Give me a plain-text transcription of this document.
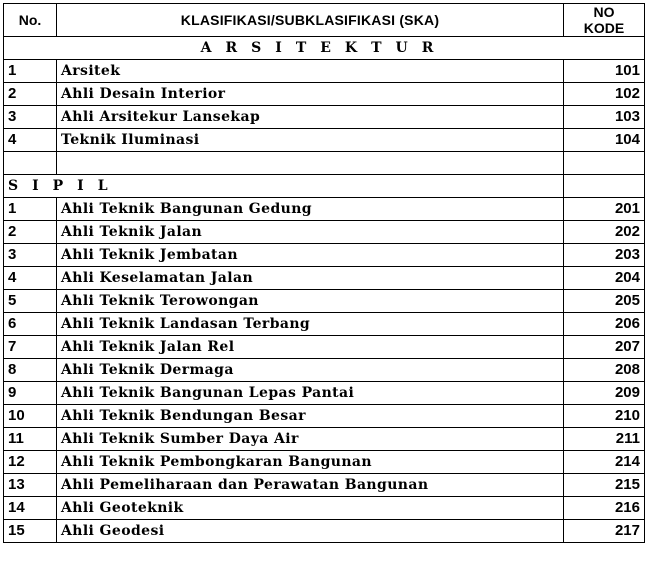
No.	KLASIFIKASI/SUBKLASIFIKASI (SKA)	NO
KODE

ARSITEKTUR		
1	Arsitek	101
2	Ahli Desain Interior	102
3	Ahli Arsitekur Lansekap	103
4	Teknik Iluminasi	104

SIPIL		
1	Ahli Teknik Bangunan Gedung	201
2	Ahli Teknik Jalan	202
3	Ahli Teknik Jembatan	203
4	Ahli Keselamatan Jalan	204
5	Ahli Teknik Terowongan	205
6	Ahli Teknik Landasan Terbang	206
7	Ahli Teknik Jalan Rel	207
8	Ahli Teknik Dermaga	208
9	Ahli Teknik Bangunan Lepas Pantai	209
10	Ahli Teknik Bendungan Besar	210
11	Ahli Teknik Sumber Daya Air	211
12	Ahli Teknik Pembongkaran Bangunan	214
13	Ahli Pemeliharaan dan Perawatan Bangunan	215
14	Ahli Geoteknik	216
15	Ahli Geodesi	217
